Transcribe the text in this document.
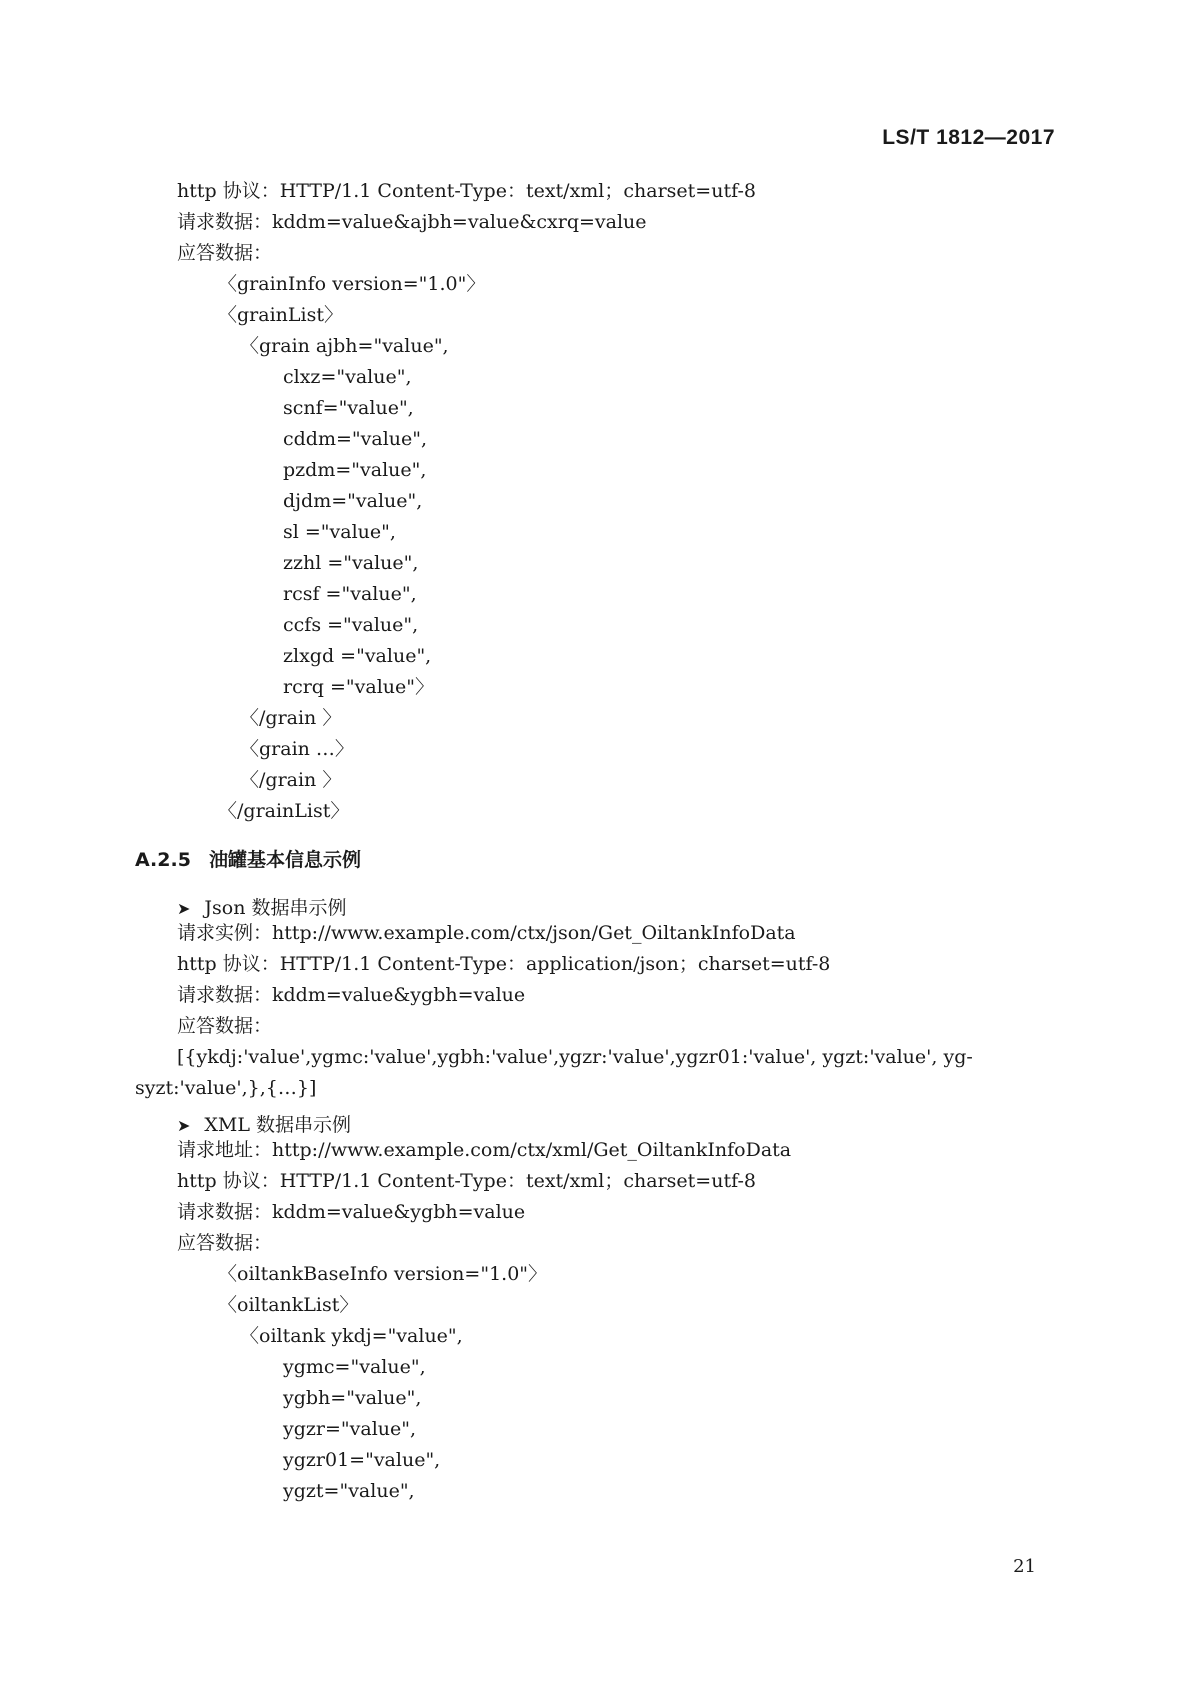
LS/T 1812—2017
http 协议：HTTP/1.1 Content-Type：text/xml；charset=utf-8
请求数据：kddm=value&ajbh=value&cxrq=value
应答数据：
〈grainInfo version="1.0"〉
〈grainList〉
〈grain ajbh="value",
clxz="value",
scnf="value",
cddm="value",
pzdm="value",
djdm="value",
sl ="value",
zzhl ="value",
rcsf ="value",
ccfs ="value",
zlxgd ="value",
rcrq ="value"〉
〈/grain 〉
〈grain …〉
〈/grain 〉
〈/grainList〉
A.2.5 油罐基本信息示例
➤ Json 数据串示例
请求实例：http://www.example.com/ctx/json/Get_OiltankInfoData
http 协议：HTTP/1.1 Content-Type：application/json；charset=utf-8
请求数据：kddm=value&ygbh=value
应答数据：
[{ykdj:'value',ygmc:'value',ygbh:'value',ygzr:'value',ygzr01:'value', ygzt:'value', yg-
syzt:'value',},{…}]
➤ XML 数据串示例
请求地址：http://www.example.com/ctx/xml/Get_OiltankInfoData
http 协议：HTTP/1.1 Content-Type：text/xml；charset=utf-8
请求数据：kddm=value&ygbh=value
应答数据：
〈oiltankBaseInfo version="1.0"〉
〈oiltankList〉
〈oiltank ykdj="value",
ygmc="value",
ygbh="value",
ygzr="value",
ygzr01="value",
ygzt="value",
21
